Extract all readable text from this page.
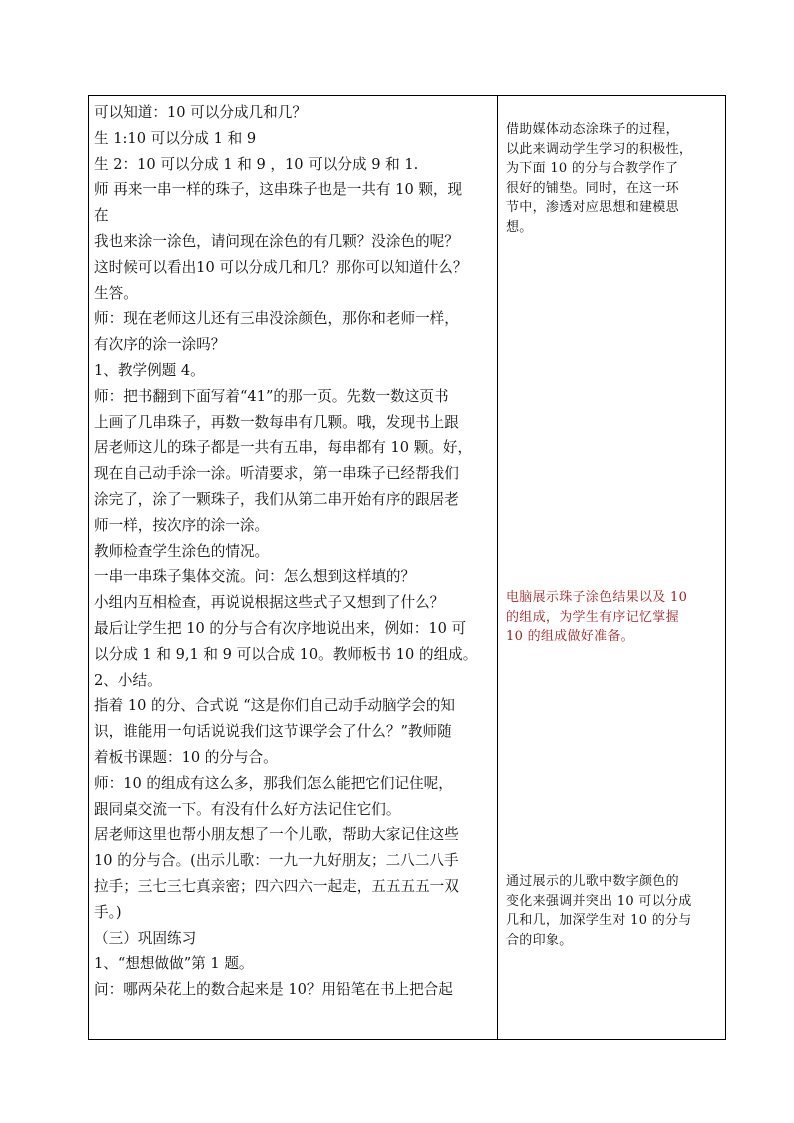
可以知道：10 可以分成几和几？

生 1:10 可以分成 1 和 9

生 2：10 可以分成 1 和 9 ，10 可以分成 9 和 1.

师 再来一串一样的珠子，这串珠子也是一共有 10 颗，现

在

我也来涂一涂色，请问现在涂色的有几颗？没涂色的呢？

这时候可以看出10 可以分成几和几？那你可以知道什么？

生答。

师：现在老师这儿还有三串没涂颜色，那你和老师一样，

有次序的涂一涂吗？

1、教学例题 4。

师：把书翻到下面写着“41”的那一页。先数一数这页书

上画了几串珠子，再数一数每串有几颗。哦，发现书上跟

居老师这儿的珠子都是一共有五串，每串都有 10 颗。好，

现在自己动手涂一涂。听清要求，第一串珠子已经帮我们

涂完了，涂了一颗珠子，我们从第二串开始有序的跟居老

师一样，按次序的涂一涂。

教师检查学生涂色的情况。

一串一串珠子集体交流。问：怎么想到这样填的？

小组内互相检查，再说说根据这些式子又想到了什么？

最后让学生把 10 的分与合有次序地说出来，例如：10 可

以分成 1 和 9,1 和 9 可以合成 10。教师板书 10 的组成。

2、小结。

指着 10 的分、合式说 “这是你们自己动手动脑学会的知

识，谁能用一句话说说我们这节课学会了什么？”教师随

着板书课题：10 的分与合。

师：10 的组成有这么多，那我们怎么能把它们记住呢，

跟同桌交流一下。有没有什么好方法记住它们。

居老师这里也帮小朋友想了一个儿歌，帮助大家记住这些

10 的分与合。(出示儿歌：一九一九好朋友；二八二八手

拉手；三七三七真亲密；四六四六一起走，五五五五一双

手。)

（三）巩固练习

1、“想想做做”第 1 题。

问：哪两朵花上的数合起来是 10？用铅笔在书上把合起

借助媒体动态涂珠子的过程，

以此来调动学生学习的积极性，

为下面 10 的分与合教学作了

很好的铺垫。同时，在这一环

节中，渗透对应思想和建模思

想。

电脑展示珠子涂色结果以及 10

的组成，为学生有序记忆掌握

10 的组成做好准备。

通过展示的儿歌中数字颜色的

变化来强调并突出 10 可以分成

几和几，加深学生对 10 的分与

合的印象。
